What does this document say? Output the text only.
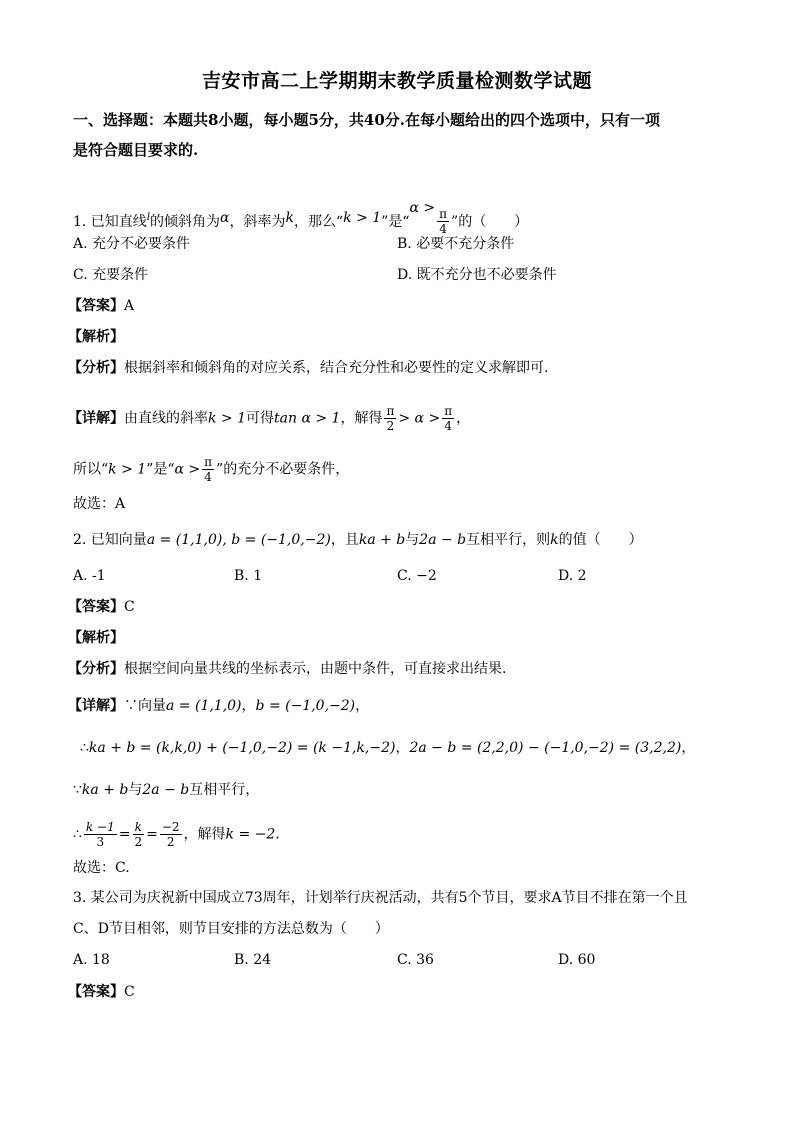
吉安市高二上学期期末教学质量检测数学试题
一、选择题：本题共8小题，每小题5分，共40分.在每小题给出的四个选项中，只有一项
是符合题目要求的.
1. 已知直线$^l$的倾斜角为α，斜率为k，那么“k > 1”是“$\alpha > \frac{\pi}{4}$ ”的（　　）
A. 充分不必要条件	B. 必要不充分条件
C. 充要条件	D. 既不充分也不必要条件
【答案】A
【解析】
【分析】根据斜率和倾斜角的对应关系，结合充分性和必要性的定义求解即可.
【详解】由直线的斜率k > 1可得tan α > 1，解得 $\frac{\pi}{2} > \alpha > \frac{\pi}{4}$ ，
所以“k > 1”是“$\alpha > \frac{\pi}{4}$ ”的充分不必要条件，
故选：A
2. 已知向量a = (1,1,0), b = (−1,0,−2)，且ka + b与2a − b互相平行，则k的值（　　）
A. -1	B. 1	C. −2	D. 2
【答案】C
【解析】
【分析】根据空间向量共线的坐标表示，由题中条件，可直接求出结果.
【详解】∵向量a = (1,1,0)，b = (−1,0,−2)，
∴ka + b = (k,k,0) + (−1,0,−2) = (k −1,k,−2)，2a − b = (2,2,0) − (−1,0,−2) = (3,2,2)，
∵ka + b与2a − b互相平行，
∴ $\frac{k -1}{3} = \frac{k}{2} = \frac{-2}{2}$ ，解得k = −2.
故选：C.
3. 某公司为庆祝新中国成立73周年，计划举行庆祝活动，共有5个节目，要求A节目不排在第一个且
C、D节目相邻，则节目安排的方法总数为（　　）
A. 18	B. 24	C. 36	D. 60
【答案】C
